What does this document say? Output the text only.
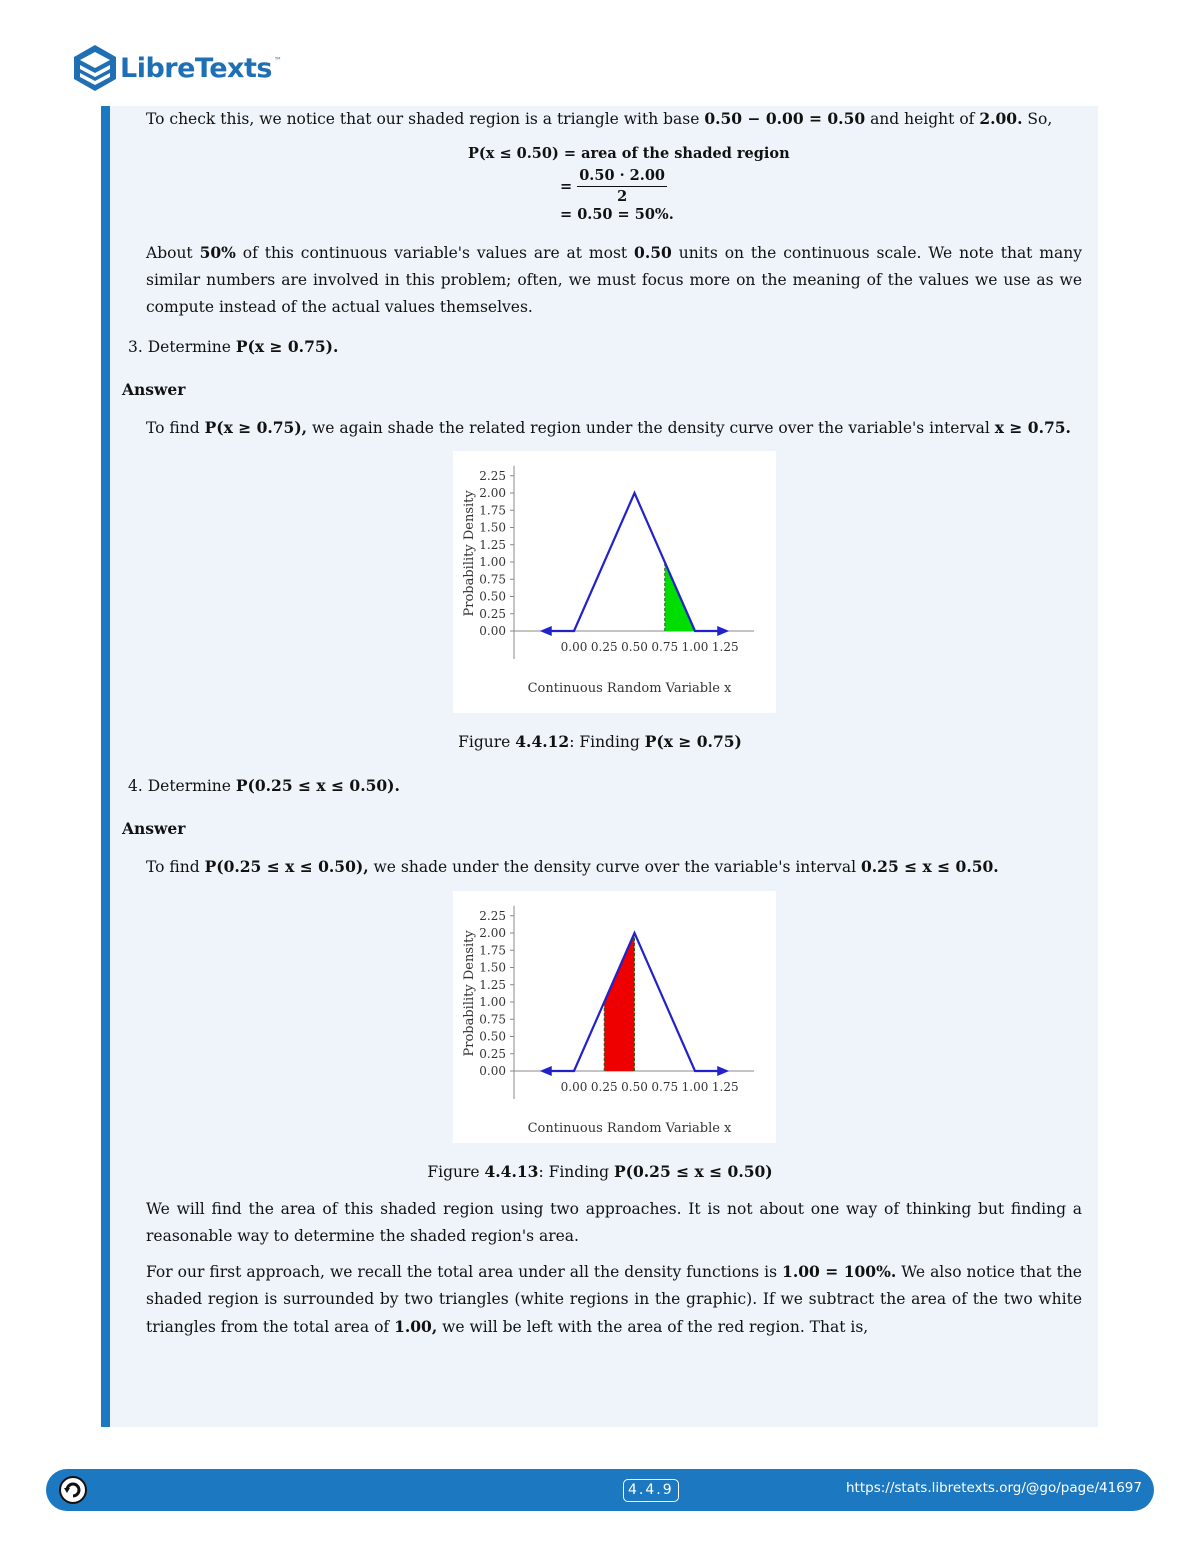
LibreTexts ™
To check this, we notice that our shaded region is a triangle with base 0.50 − 0.00 = 0.50 and height of 2.00. So,
P(x ≤ 0.50) = area of the shaded region
= $\frac{0.50 \cdot 2.00}{2}$
= 0.50 = 50%.
About 50% of this continuous variable's values are at most 0.50 units on the continuous scale. We note that many similar numbers are involved in this problem; often, we must focus more on the meaning of the values we use as we compute instead of the actual values themselves.
3. Determine P(x ≥ 0.75).
Answer
To find P(x ≥ 0.75), we again shade the related region under the density curve over the variable's interval x ≥ 0.75.
0.00
0.25
0.50
0.75
1.00
1.25
1.50
1.75
2.00
2.25
0.00 0.25 0.50 0.75 1.00 1.25
Continuous Random Variable x
Probability Density
Figure 4.4.12: Finding P(x ≥ 0.75)
4. Determine P(0.25 ≤ x ≤ 0.50).
Answer
To find P(0.25 ≤ x ≤ 0.50), we shade under the density curve over the variable's interval 0.25 ≤ x ≤ 0.50.
0.00
0.25
0.50
0.75
1.00
1.25
1.50
1.75
2.00
2.25
0.00 0.25 0.50 0.75 1.00 1.25
Continuous Random Variable x
Probability Density
Figure 4.4.13: Finding P(0.25 ≤ x ≤ 0.50)
We will find the area of this shaded region using two approaches. It is not about one way of thinking but finding a reasonable way to determine the shaded region's area.
For our first approach, we recall the total area under all the density functions is 1.00 = 100%. We also notice that the shaded region is surrounded by two triangles (white regions in the graphic). If we subtract the area of the two white triangles from the total area of 1.00, we will be left with the area of the red region. That is,
4.4.9	https://stats.libretexts.org/@go/page/41697
